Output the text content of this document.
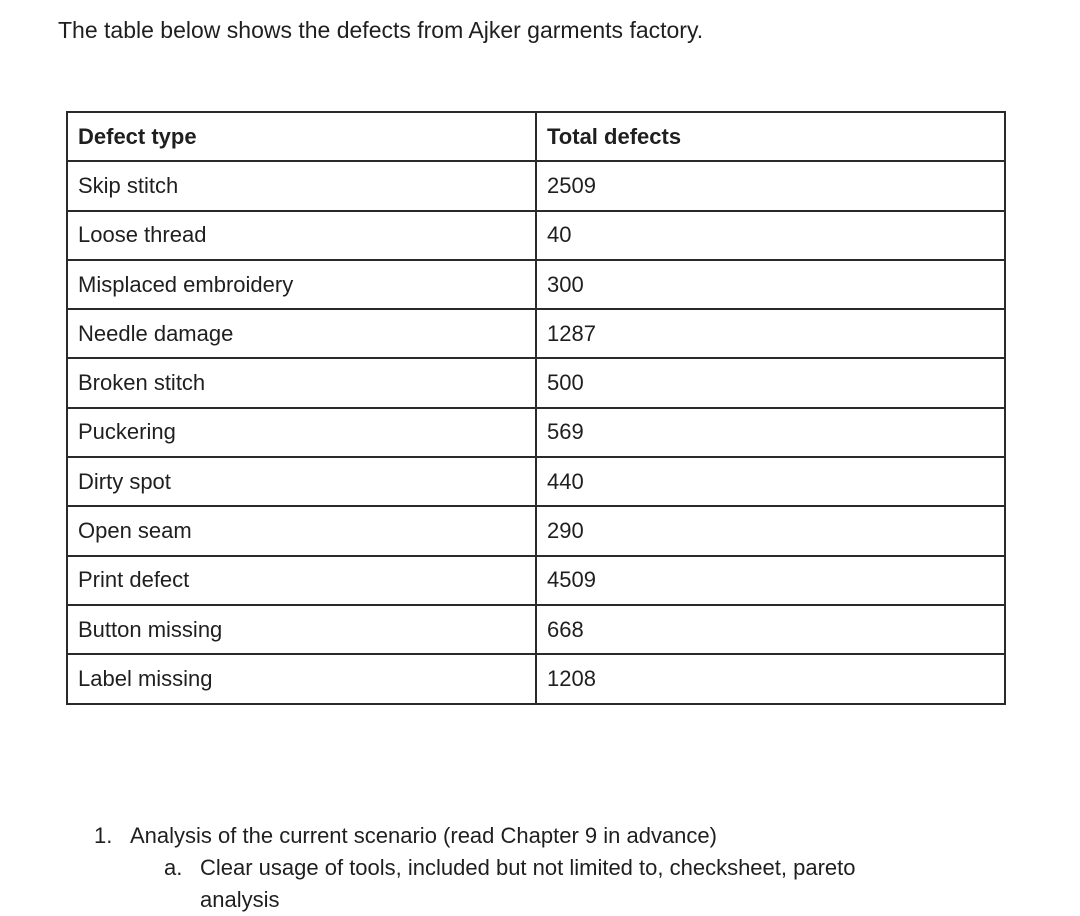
The table below shows the defects from Ajker garments factory.

Defect type	Total defects
Skip stitch	2509
Loose thread	40
Misplaced embroidery	300
Needle damage	1287
Broken stitch	500
Puckering	569
Dirty spot	440
Open seam	290
Print defect	4509
Button missing	668
Label missing	1208
1. Analysis of the current scenario (read Chapter 9 in advance)
a. Clear usage of tools, included but not limited to, checksheet, pareto analysis
